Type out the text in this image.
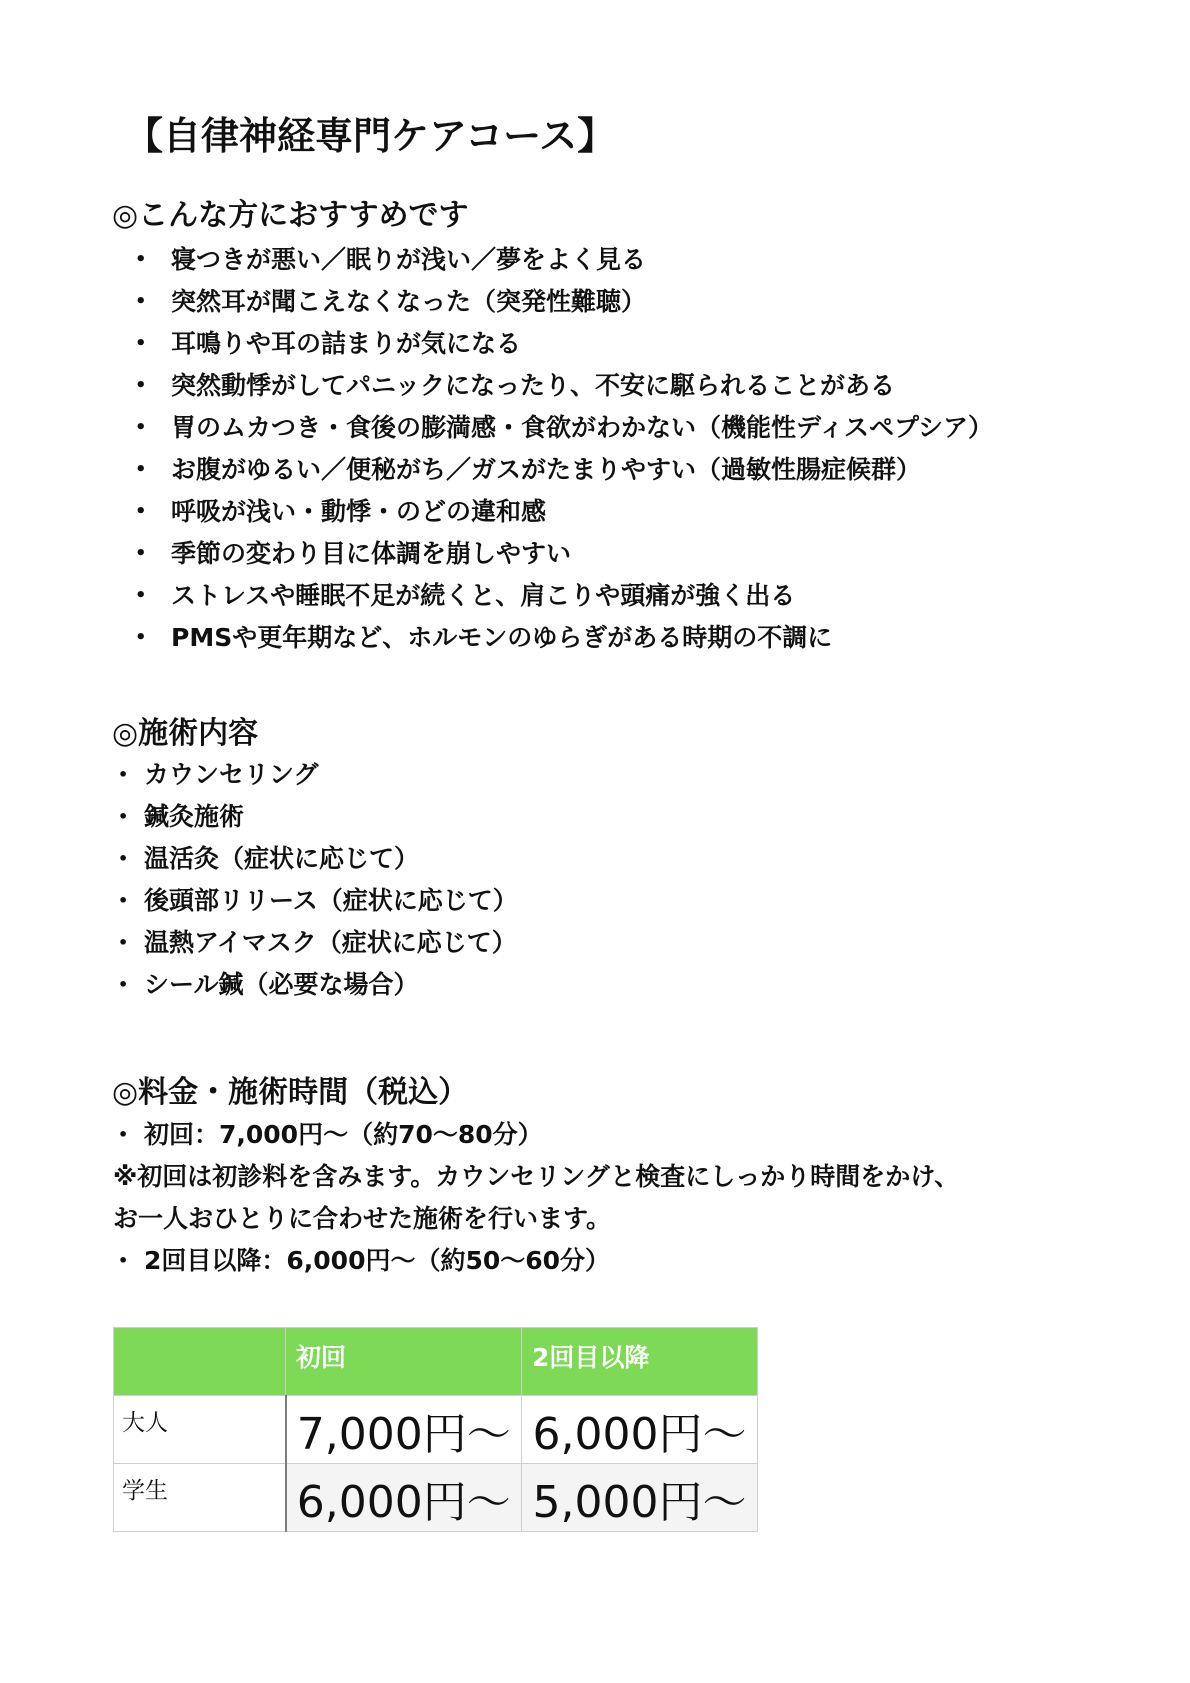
【自律神経専門ケアコース】
◎こんな方におすすめです
• 寝つきが悪い／眠りが浅い／夢をよく見る
• 突然耳が聞こえなくなった（突発性難聴）
• 耳鳴りや耳の詰まりが気になる
• 突然動悸がしてパニックになったり、不安に駆られることがある
• 胃のムカつき・食後の膨満感・食欲がわかない（機能性ディスペプシア）
• お腹がゆるい／便秘がち／ガスがたまりやすい（過敏性腸症候群）
• 呼吸が浅い・動悸・のどの違和感
• 季節の変わり目に体調を崩しやすい
• ストレスや睡眠不足が続くと、肩こりや頭痛が強く出る
• PMSや更年期など、ホルモンのゆらぎがある時期の不調に
◎施術内容
• カウンセリング
• 鍼灸施術
• 温活灸（症状に応じて）
• 後頭部リリース（症状に応じて）
• 温熱アイマスク（症状に応じて）
• シール鍼（必要な場合）
◎料金・施術時間（税込）
• 初回：7,000円〜（約70〜80分）
※初回は初診料を含みます。カウンセリングと検査にしっかり時間をかけ、
お一人おひとりに合わせた施術を行います。
• 2回目以降：6,000円〜（約50〜60分）
	初回	2回目以降
大人	7,000円〜	6,000円〜
学生	6,000円〜	5,000円〜
